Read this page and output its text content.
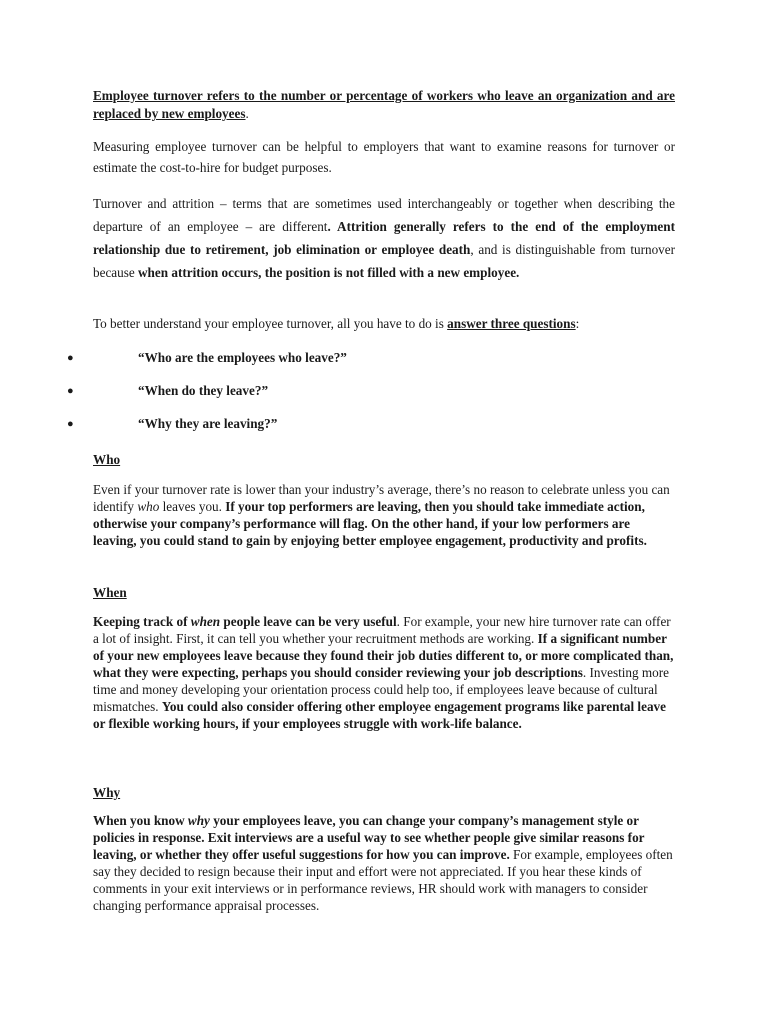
Employee turnover refers to the number or percentage of workers who leave an organization and are replaced by new employees.

Measuring employee turnover can be helpful to employers that want to examine reasons for turnover or estimate the cost-to-hire for budget purposes.

Turnover and attrition – terms that are sometimes used interchangeably or together when describing the departure of an employee – are different. Attrition generally refers to the end of the employment relationship due to retirement, job elimination or employee death, and is distinguishable from turnover because when attrition occurs, the position is not filled with a new employee.

To better understand your employee turnover, all you have to do is answer three questions:

●	“Who are the employees who leave?”
●	“When do they leave?”
●	“Why they are leaving?”
Who

Even if your turnover rate is lower than your industry’s average, there’s no reason to celebrate unless you can identify who leaves you. If your top performers are leaving, then you should take immediate action, otherwise your company’s performance will flag. On the other hand, if your low performers are leaving, you could stand to gain by enjoying better employee engagement, productivity and profits.

When

Keeping track of when people leave can be very useful. For example, your new hire turnover rate can offer a lot of insight. First, it can tell you whether your recruitment methods are working. If a significant number of your new employees leave because they found their job duties different to, or more complicated than, what they were expecting, perhaps you should consider reviewing your job descriptions. Investing more time and money developing your orientation process could help too, if employees leave because of cultural mismatches. You could also consider offering other employee engagement programs like parental leave or flexible working hours, if your employees struggle with work-life balance.

Why

When you know why your employees leave, you can change your company’s management style or policies in response. Exit interviews are a useful way to see whether people give similar reasons for leaving, or whether they offer useful suggestions for how you can improve. For example, employees often say they decided to resign because their input and effort were not appreciated. If you hear these kinds of comments in your exit interviews or in performance reviews, HR should work with managers to consider changing performance appraisal processes.
